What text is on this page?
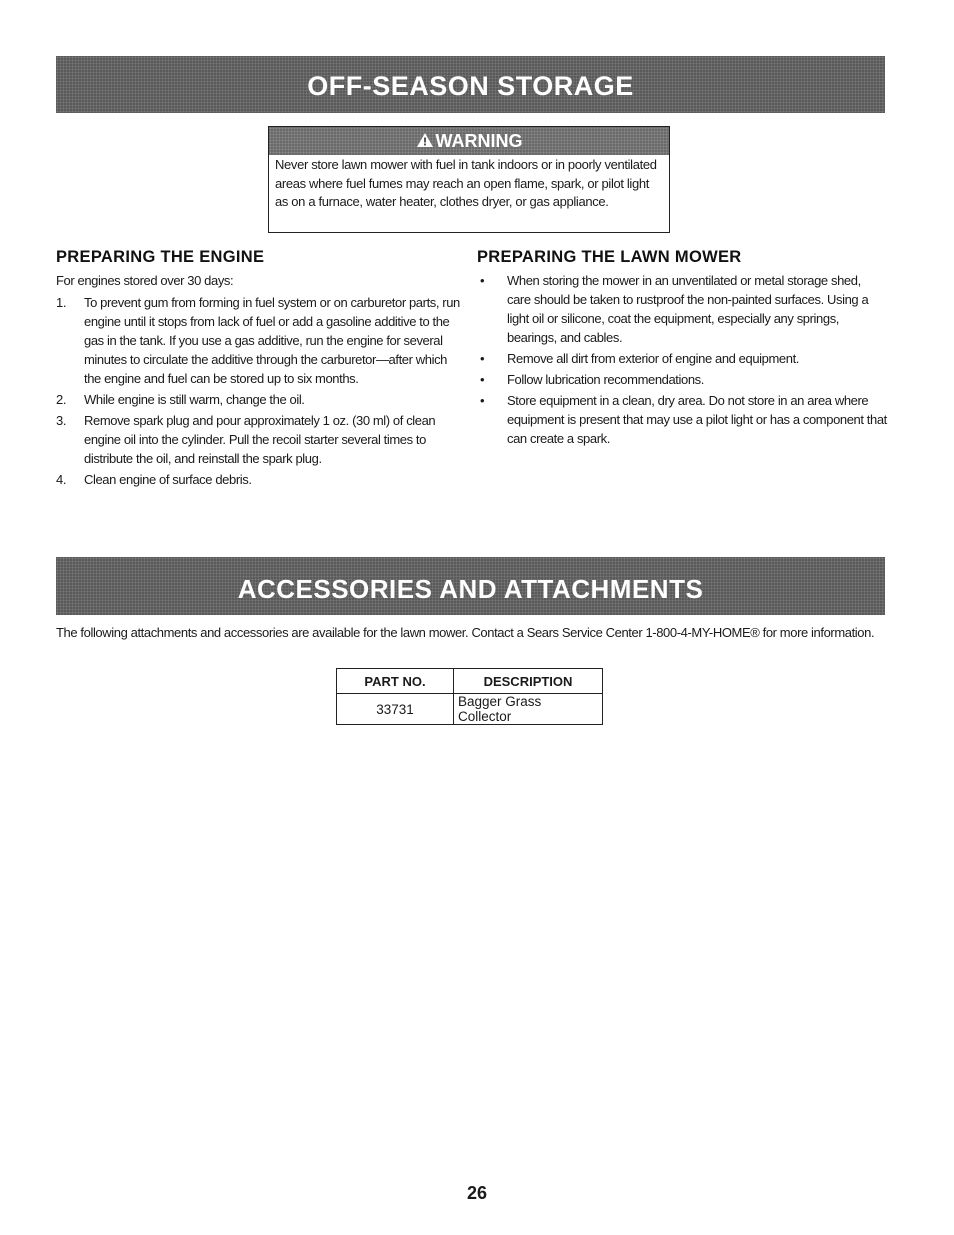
OFF-SEASON STORAGE
WARNING
Never store lawn mower with fuel in tank indoors or in poorly ventilated areas where fuel fumes may reach an open flame, spark, or pilot light as on a furnace, water heater, clothes dryer, or gas appliance.
PREPARING THE ENGINE	PREPARING THE LAWN MOWER

For engines stored over 30 days:

1. To prevent gum from forming in fuel system or on carburetor parts, run engine until it stops from lack of fuel or add a gasoline additive to the gas in the tank. If you use a gas additive, run the engine for several minutes to circulate the additive through the carburetor—after which the engine and fuel can be stored up to six months.
2. While engine is still warm, change the oil.
3. Remove spark plug and pour approximately 1 oz. (30 ml) of clean engine oil into the cylinder. Pull the recoil starter several times to distribute the oil, and reinstall the spark plug.
4. Clean engine of surface debris.
• When storing the mower in an unventilated or metal storage shed, care should be taken to rustproof the non-painted surfaces. Using a light oil or silicone, coat the equipment, especially any springs, bearings, and cables.
• Remove all dirt from exterior of engine and equipment.
• Follow lubrication recommendations.
• Store equipment in a clean, dry area. Do not store in an area where equipment is present that may use a pilot light or has a component that can create a spark.
ACCESSORIES AND ATTACHMENTS
The following attachments and accessories are available for the lawn mower. Contact a Sears Service Center 1-800-4-MY-HOME® for more information.
PART NO.	DESCRIPTION
33731	Bagger Grass Collector
26
